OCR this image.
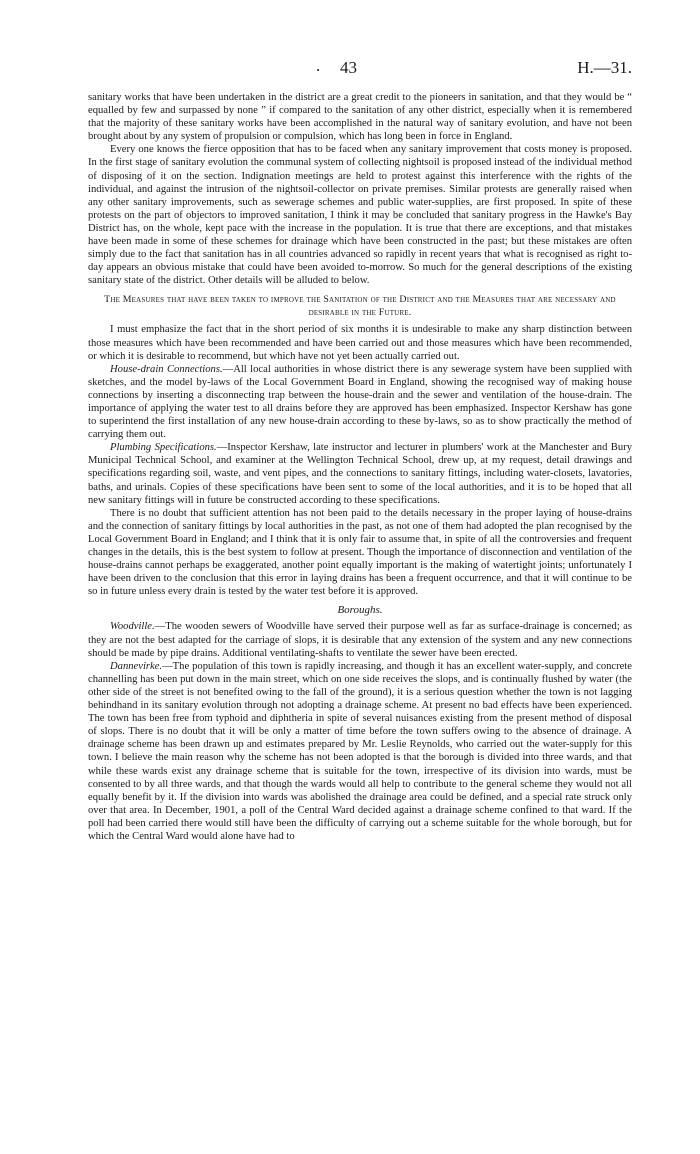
. 43	H.—31.

sanitary works that have been undertaken in the district are a great credit to the pioneers in sanitation, and that they would be “ equalled by few and surpassed by none ” if compared to the sanitation of any other district, especially when it is remembered that the majority of these sanitary works have been accomplished in the natural way of sanitary evolution, and have not been brought about by any system of propulsion or compulsion, which has long been in force in England.

Every one knows the fierce opposition that has to be faced when any sanitary improvement that costs money is proposed. In the first stage of sanitary evolution the communal system of collecting nightsoil is proposed instead of the individual method of disposing of it on the section. Indignation meetings are held to protest against this interference with the rights of the individual, and against the intrusion of the nightsoil-collector on private premises. Similar protests are generally raised when any other sanitary improvements, such as sewerage schemes and public water-supplies, are first proposed. In spite of these protests on the part of objectors to improved sanitation, I think it may be concluded that sanitary progress in the Hawke's Bay District has, on the whole, kept pace with the increase in the population. It is true that there are exceptions, and that mistakes have been made in some of these schemes for drainage which have been constructed in the past; but these mistakes are often simply due to the fact that sanitation has in all countries advanced so rapidly in recent years that what is recognised as right to-day appears an obvious mistake that could have been avoided to-morrow. So much for the general descriptions of the existing sanitary state of the district. Other details will be alluded to below.

The Measures that have been taken to improve the Sanitation of the District and the Measures that are necessary and desirable in the Future.

I must emphasize the fact that in the short period of six months it is undesirable to make any sharp distinction between those measures which have been recommended and have been carried out and those measures which have been recommended, or which it is desirable to recommend, but which have not yet been actually carried out.

House-drain Connections.—All local authorities in whose district there is any sewerage system have been supplied with sketches, and the model by-laws of the Local Government Board in England, showing the recognised way of making house connections by inserting a disconnecting trap between the house-drain and the sewer and ventilation of the house-drain. The importance of applying the water test to all drains before they are approved has been emphasized. Inspector Kershaw has gone to superintend the first installation of any new house-drain according to these by-laws, so as to show practically the method of carrying them out.

Plumbing Specifications.—Inspector Kershaw, late instructor and lecturer in plumbers' work at the Manchester and Bury Municipal Technical School, and examiner at the Wellington Technical School, drew up, at my request, detail drawings and specifications regarding soil, waste, and vent pipes, and the connections to sanitary fittings, including water-closets, lavatories, baths, and urinals. Copies of these specifications have been sent to some of the local authorities, and it is to be hoped that all new sanitary fittings will in future be constructed according to these specifications.

There is no doubt that sufficient attention has not been paid to the details necessary in the proper laying of house-drains and the connection of sanitary fittings by local authorities in the past, as not one of them had adopted the plan recognised by the Local Government Board in England; and I think that it is only fair to assume that, in spite of all the controversies and frequent changes in the details, this is the best system to follow at present. Though the importance of disconnection and ventilation of the house-drains cannot perhaps be exaggerated, another point equally important is the making of watertight joints; unfortunately I have been driven to the conclusion that this error in laying drains has been a frequent occurrence, and that it will continue to be so in future unless every drain is tested by the water test before it is approved.

Boroughs.

Woodville.—The wooden sewers of Woodville have served their purpose well as far as surface-drainage is concerned; as they are not the best adapted for the carriage of slops, it is desirable that any extension of the system and any new connections should be made by pipe drains. Additional ventilating-shafts to ventilate the sewer have been erected.

Dannevirke.—The population of this town is rapidly increasing, and though it has an excellent water-supply, and concrete channelling has been put down in the main street, which on one side receives the slops, and is continually flushed by water (the other side of the street is not benefited owing to the fall of the ground), it is a serious question whether the town is not lagging behindhand in its sanitary evolution through not adopting a drainage scheme. At present no bad effects have been experienced. The town has been free from typhoid and diphtheria in spite of several nuisances existing from the present method of disposal of slops. There is no doubt that it will be only a matter of time before the town suffers owing to the absence of drainage. A drainage scheme has been drawn up and estimates prepared by Mr. Leslie Reynolds, who carried out the water-supply for this town. I believe the main reason why the scheme has not been adopted is that the borough is divided into three wards, and that while these wards exist any drainage scheme that is suitable for the town, irrespective of its division into wards, must be consented to by all three wards, and that though the wards would all help to contribute to the general scheme they would not all equally benefit by it. If the division into wards was abolished the drainage area could be defined, and a special rate struck only over that area. In December, 1901, a poll of the Central Ward decided against a drainage scheme confined to that ward. If the poll had been carried there would still have been the difficulty of carrying out a scheme suitable for the whole borough, but for which the Central Ward would alone have had to
